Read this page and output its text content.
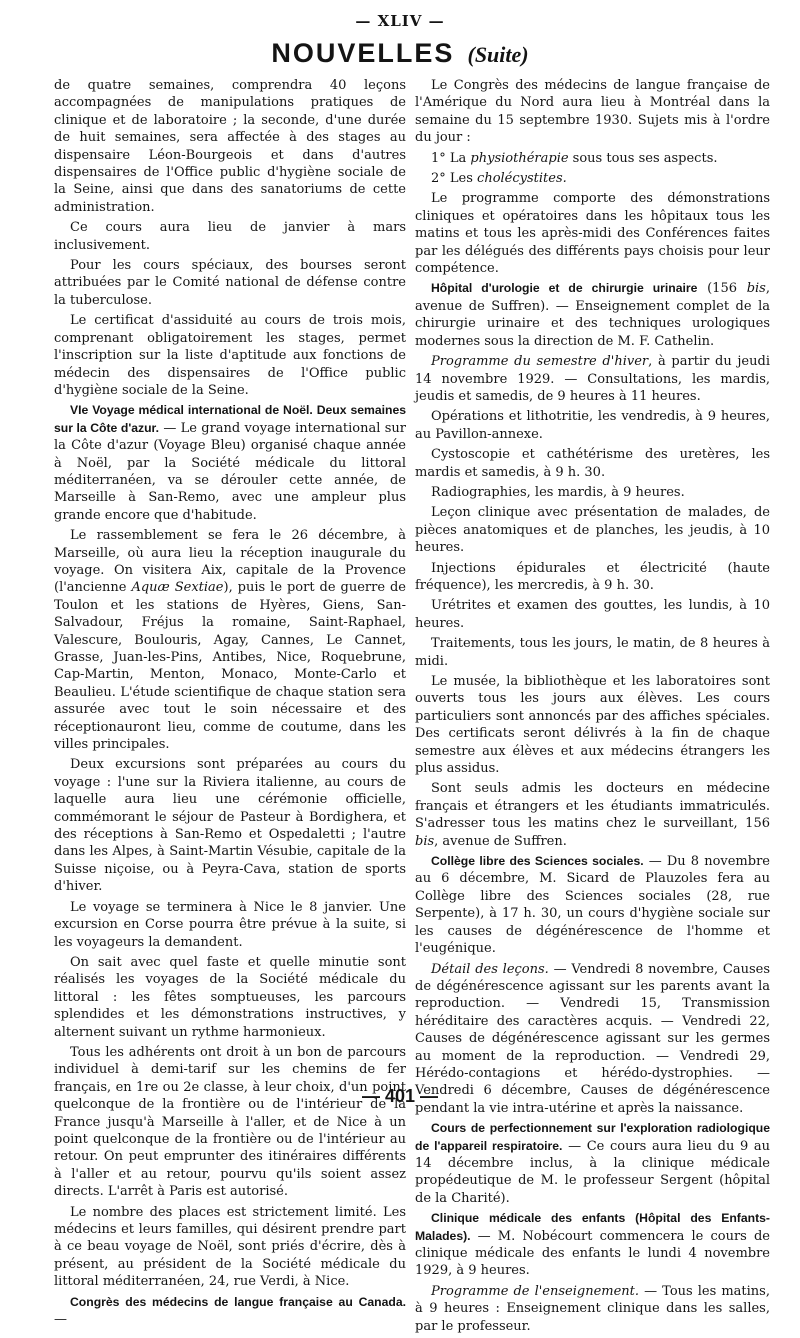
— XLIV —
NOUVELLES (Suite)

de quatre semaines, comprendra 40 leçons accompagnées de manipulations pratiques de clinique et de laboratoire ; la seconde, d'une durée de huit semaines, sera affectée à des stages au dispensaire Léon-Bourgeois et dans d'autres dispensaires de l'Office public d'hygiène sociale de la Seine, ainsi que dans des sanatoriums de cette administration.

Ce cours aura lieu de janvier à mars inclusivement.

Pour les cours spéciaux, des bourses seront attribuées par le Comité national de défense contre la tuberculose.

Le certificat d'assiduité au cours de trois mois, comprenant obligatoirement les stages, permet l'inscription sur la liste d'aptitude aux fonctions de médecin des dispensaires de l'Office public d'hygiène sociale de la Seine.

VIe Voyage médical international de Noël. Deux semaines sur la Côte d'azur. — Le grand voyage international sur la Côte d'azur (Voyage Bleu) organisé chaque année à Noël, par la Société médicale du littoral méditerranéen, va se dérouler cette année, de Marseille à San-Remo, avec une ampleur plus grande encore que d'habitude.

Le rassemblement se fera le 26 décembre, à Marseille, où aura lieu la réception inaugurale du voyage. On visitera Aix, capitale de la Provence (l'ancienne Aquæ Sextiae), puis le port de guerre de Toulon et les stations de Hyères, Giens, San-Salvadour, Fréjus la romaine, Saint-Raphael, Valescure, Boulouris, Agay, Cannes, Le Cannet, Grasse, Juan-les-Pins, Antibes, Nice, Roquebrune, Cap-Martin, Menton, Monaco, Monte-Carlo et Beaulieu. L'étude scientifique de chaque station sera assurée avec tout le soin nécessaire et des réceptionauront lieu, comme de coutume, dans les villes principales.

Deux excursions sont préparées au cours du voyage : l'une sur la Riviera italienne, au cours de laquelle aura lieu une cérémonie officielle, commémorant le séjour de Pasteur à Bordighera, et des réceptions à San-Remo et Ospedaletti ; l'autre dans les Alpes, à Saint-Martin Vésubie, capitale de la Suisse niçoise, ou à Peyra-Cava, station de sports d'hiver.

Le voyage se terminera à Nice le 8 janvier. Une excursion en Corse pourra être prévue à la suite, si les voyageurs la demandent.

On sait avec quel faste et quelle minutie sont réalisés les voyages de la Société médicale du littoral : les fêtes somptueuses, les parcours splendides et les démonstrations instructives, y alternent suivant un rythme harmonieux.

Tous les adhérents ont droit à un bon de parcours individuel à demi-tarif sur les chemins de fer français, en 1re ou 2e classe, à leur choix, d'un point quelconque de la frontière ou de l'intérieur de la France jusqu'à Marseille à l'aller, et de Nice à un point quelconque de la frontière ou de l'intérieur au retour. On peut emprunter des itinéraires différents à l'aller et au retour, pourvu qu'ils soient assez directs. L'arrêt à Paris est autorisé.

Le nombre des places est strictement limité. Les médecins et leurs familles, qui désirent prendre part à ce beau voyage de Noël, sont priés d'écrire, dès à présent, au président de la Société médicale du littoral méditerranéen, 24, rue Verdi, à Nice.

Congrès des médecins de langue française au Canada. —

Le Congrès des médecins de langue française de l'Amérique du Nord aura lieu à Montréal dans la semaine du 15 septembre 1930. Sujets mis à l'ordre du jour :

1° La physiothérapie sous tous ses aspects.

2° Les cholécystites.

Le programme comporte des démonstrations cliniques et opératoires dans les hôpitaux tous les matins et tous les après-midi des Conférences faites par les délégués des différents pays choisis pour leur compétence.

Hôpital d'urologie et de chirurgie urinaire (156 bis, avenue de Suffren). — Enseignement complet de la chirurgie urinaire et des techniques urologiques modernes sous la direction de M. F. Cathelin.

Programme du semestre d'hiver, à partir du jeudi 14 novembre 1929. — Consultations, les mardis, jeudis et samedis, de 9 heures à 11 heures.

Opérations et lithotritie, les vendredis, à 9 heures, au Pavillon-annexe.

Cystoscopie et cathétérisme des uretères, les mardis et samedis, à 9 h. 30.

Radiographies, les mardis, à 9 heures.

Leçon clinique avec présentation de malades, de pièces anatomiques et de planches, les jeudis, à 10 heures.

Injections épidurales et électricité (haute fréquence), les mercredis, à 9 h. 30.

Urétrites et examen des gouttes, les lundis, à 10 heures.

Traitements, tous les jours, le matin, de 8 heures à midi.

Le musée, la bibliothèque et les laboratoires sont ouverts tous les jours aux élèves. Les cours particuliers sont annoncés par des affiches spéciales. Des certificats seront délivrés à la fin de chaque semestre aux élèves et aux médecins étrangers les plus assidus.

Sont seuls admis les docteurs en médecine français et étrangers et les étudiants immatriculés. S'adresser tous les matins chez le surveillant, 156 bis, avenue de Suffren.

Collège libre des Sciences sociales. — Du 8 novembre au 6 décembre, M. Sicard de Plauzoles fera au Collège libre des Sciences sociales (28, rue Serpente), à 17 h. 30, un cours d'hygiène sociale sur les causes de dégénérescence de l'homme et l'eugénique.

Détail des leçons. — Vendredi 8 novembre, Causes de dégénérescence agissant sur les parents avant la reproduction. — Vendredi 15, Transmission héréditaire des caractères acquis. — Vendredi 22, Causes de dégénérescence agissant sur les germes au moment de la reproduction. — Vendredi 29, Hérédo-contagions et hérédo-dystrophies. — Vendredi 6 décembre, Causes de dégénérescence pendant la vie intra-utérine et après la naissance.

Cours de perfectionnement sur l'exploration radiologique de l'appareil respiratoire. — Ce cours aura lieu du 9 au 14 décembre inclus, à la clinique médicale propédeutique de M. le professeur Sergent (hôpital de la Charité).

Clinique médicale des enfants (Hôpital des Enfants-Malades). — M. Nobécourt commencera le cours de clinique médicale des enfants le lundi 4 novembre 1929, à 9 heures.

Programme de l'enseignement. — Tous les matins, à 9 heures : Enseignement clinique dans les salles, par le professeur.

— 401 —
